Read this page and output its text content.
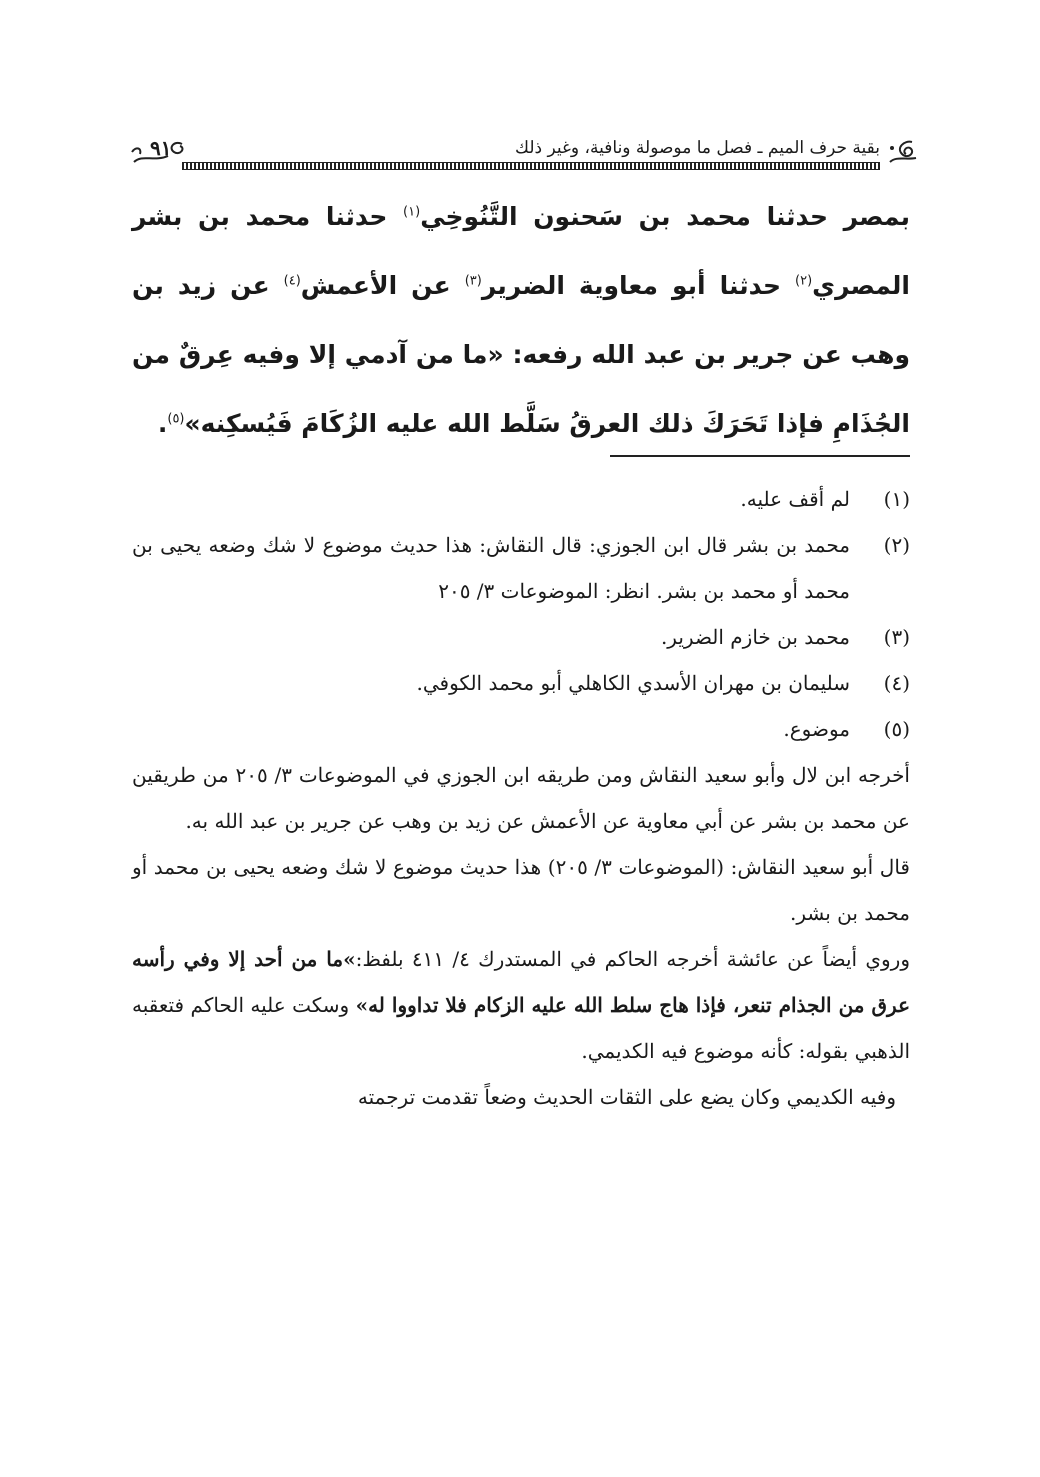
بقية حرف الميم ـ فصل ما موصولة ونافية، وغير ذلك
٩١
بمصر حدثنا محمد بن سَحنون التَّنُوخِي$^{(١)}$ حدثنا محمد بن بشر المصري$^{(٢)}$ حدثنا أبو معاوية الضرير$^{(٣)}$ عن الأعمش$^{(٤)}$ عن زيد بن وهب عن جرير بن عبد الله رفعه: «ما من آدمي إلا وفيه عِرقٌ من الجُذَامِ فإذا تَحَرَكَ ذلك العرقُ سَلَّط الله عليه الزُكَامَ فَيُسكِنه»$^{(٥)}$.
(١)
لم أقف عليه.
(٢)
محمد بن بشر قال ابن الجوزي: قال النقاش: هذا حديث موضوع لا شك وضعه يحيى بن محمد أو محمد بن بشر. انظر: الموضوعات ٣/ ٢٠٥
(٣)
محمد بن خازم الضرير.
(٤)
سليمان بن مهران الأسدي الكاهلي أبو محمد الكوفي.
(٥)
موضوع.
أخرجه ابن لال وأبو سعيد النقاش ومن طريقه ابن الجوزي في الموضوعات ٣/ ٢٠٥ من طريقين عن محمد بن بشر عن أبي معاوية عن الأعمش عن زيد بن وهب عن جرير بن عبد الله به.
قال أبو سعيد النقاش: (الموضوعات ٣/ ٢٠٥) هذا حديث موضوع لا شك وضعه يحيى بن محمد أو محمد بن بشر.
وروي أيضاً عن عائشة أخرجه الحاكم في المستدرك ٤/ ٤١١ بلفظ:»ما من أحد إلا وفي رأسه عرق من الجذام تنعر، فإذا هاج سلط الله عليه الزكام فلا تداووا له» وسكت عليه الحاكم فتعقبه الذهبي بقوله: كأنه موضوع فيه الكديمي.
وفيه الكديمي وكان يضع على الثقات الحديث وضعاً تقدمت ترجمته
